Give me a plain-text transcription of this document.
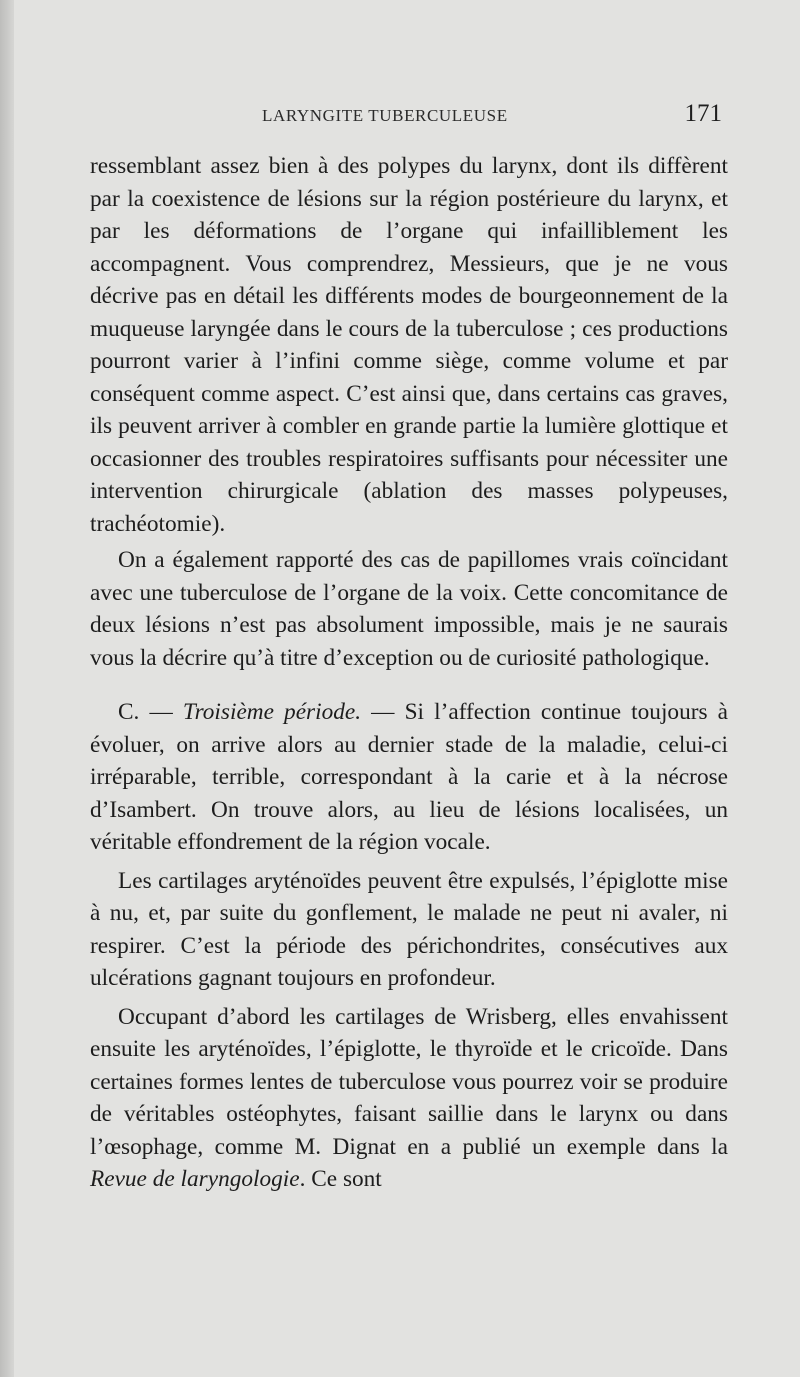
LARYNGITE TUBERCULEUSE	171

ressemblant assez bien à des polypes du larynx, dont ils diffèrent par la coexistence de lésions sur la région postérieure du larynx, et par les déformations de l’organe qui infailliblement les accompagnent. Vous comprendrez, Messieurs, que je ne vous décrive pas en détail les différents modes de bourgeonnement de la muqueuse laryngée dans le cours de la tuberculose ; ces productions pourront varier à l’infini comme siège, comme volume et par conséquent comme aspect. C’est ainsi que, dans certains cas graves, ils peuvent arriver à combler en grande partie la lumière glottique et occasionner des troubles respiratoires suffisants pour nécessiter une intervention chirurgicale (ablation des masses polypeuses, trachéotomie).

On a également rapporté des cas de papillomes vrais coïncidant avec une tuberculose de l’organe de la voix. Cette concomitance de deux lésions n’est pas absolument impossible, mais je ne saurais vous la décrire qu’à titre d’exception ou de curiosité pathologique.

C. — Troisième période. — Si l’affection continue toujours à évoluer, on arrive alors au dernier stade de la maladie, celui-ci irréparable, terrible, correspondant à la carie et à la nécrose d’Isambert. On trouve alors, au lieu de lésions localisées, un véritable effondrement de la région vocale.

Les cartilages aryténoïdes peuvent être expulsés, l’épiglotte mise à nu, et, par suite du gonflement, le malade ne peut ni avaler, ni respirer. C’est la période des périchondrites, consécutives aux ulcérations gagnant toujours en profondeur.

Occupant d’abord les cartilages de Wrisberg, elles envahissent ensuite les aryténoïdes, l’épiglotte, le thyroïde et le cricoïde. Dans certaines formes lentes de tuberculose vous pourrez voir se produire de véritables ostéophytes, faisant saillie dans le larynx ou dans l’œsophage, comme M. Dignat en a publié un exemple dans la Revue de laryngologie. Ce sont
